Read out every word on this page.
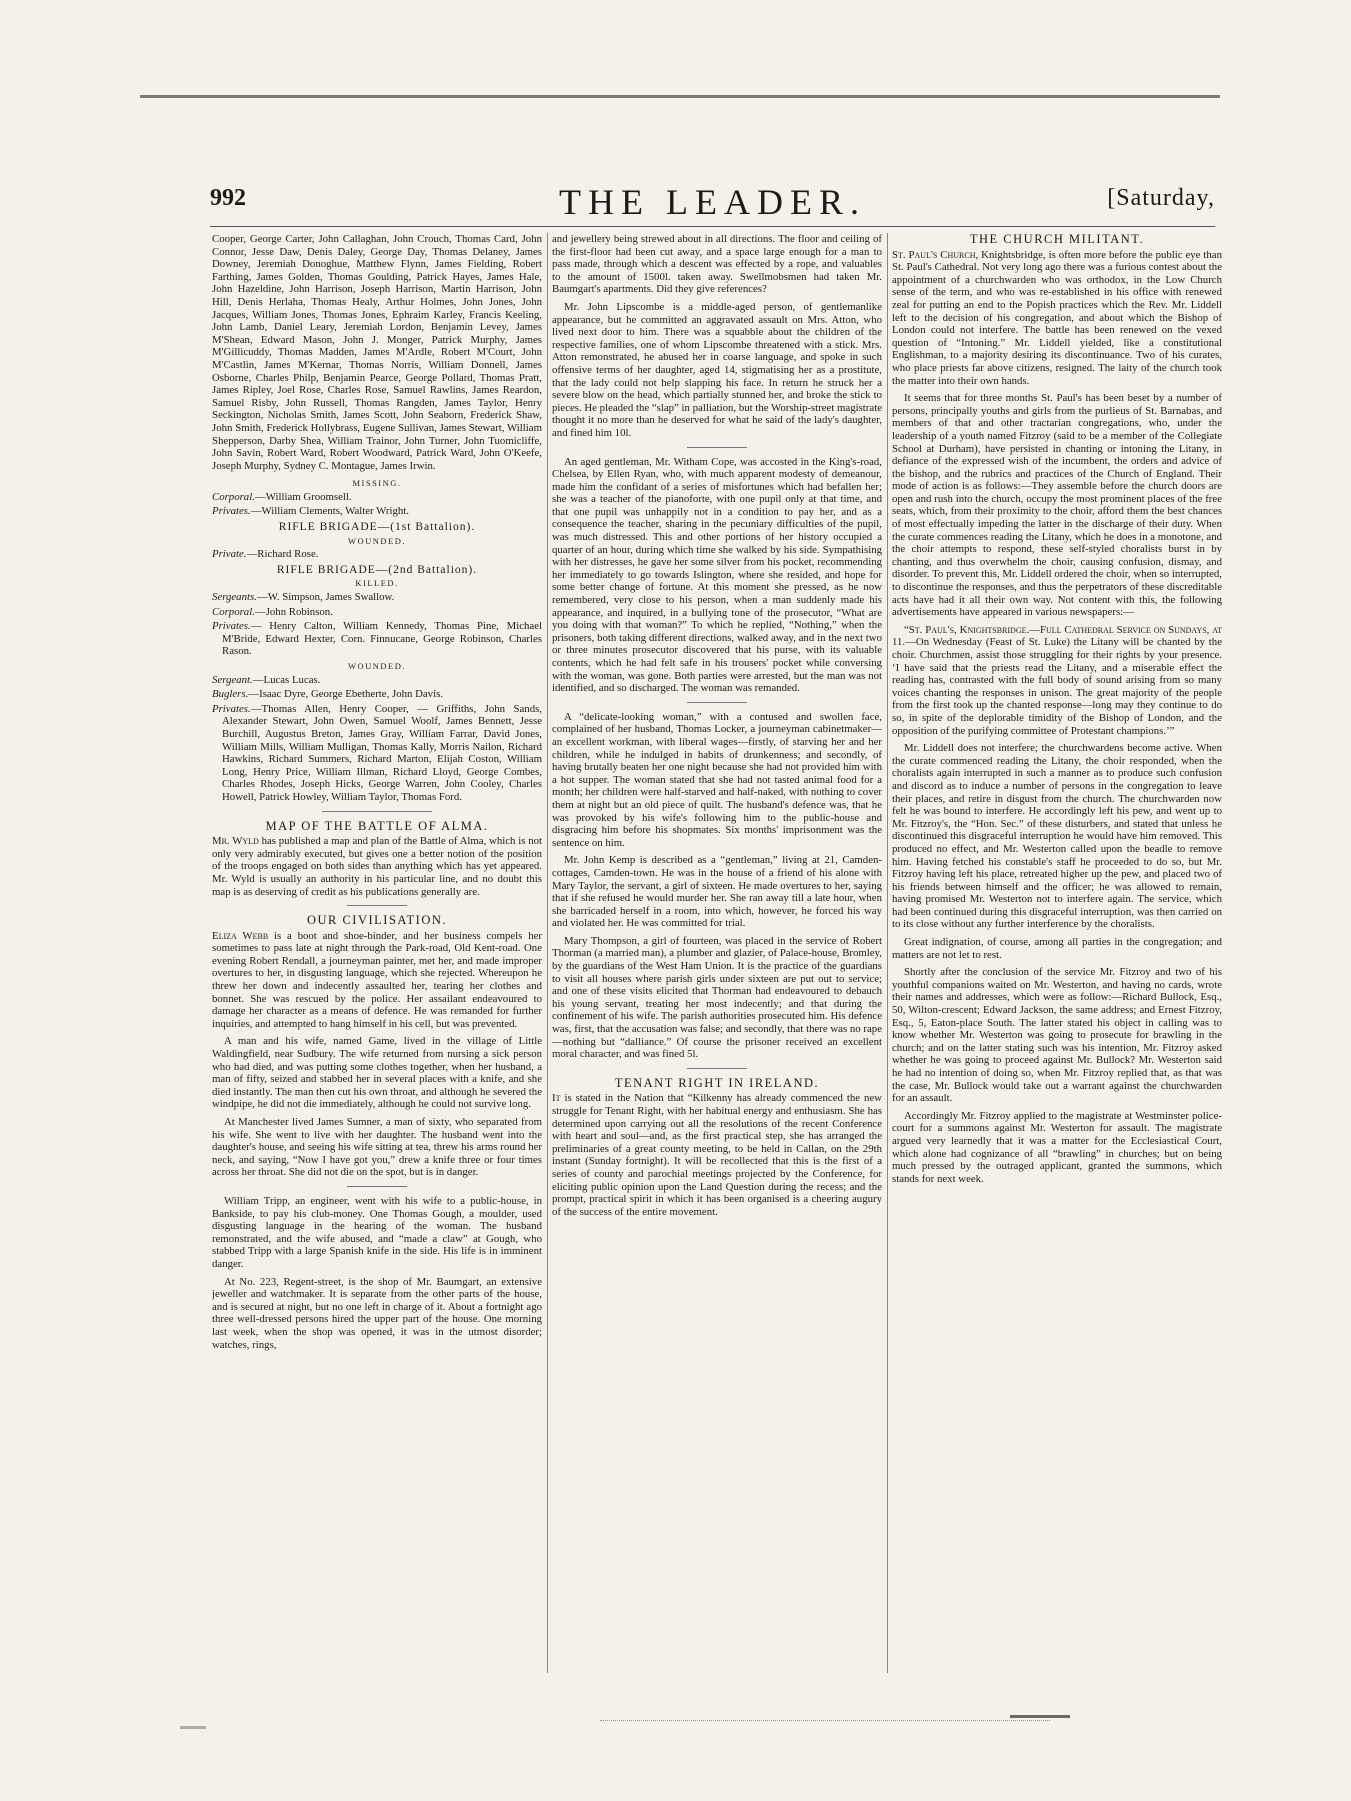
992	THE LEADER.	[Saturday,

Cooper, George Carter, John Callaghan, John Crouch, Thomas Card, John Connor, Jesse Daw, Denis Daley, George Day, Thomas Delaney, James Downey, Jeremiah Donoghue, Matthew Flynn, James Fielding, Robert Farthing, James Golden, Thomas Goulding, Patrick Hayes, James Hale, John Hazeldine, John Harrison, Joseph Harrison, Martin Harrison, John Hill, Denis Herlaha, Thomas Healy, Arthur Holmes, John Jones, John Jacques, William Jones, Thomas Jones, Ephraim Karley, Francis Keeling, John Lamb, Daniel Leary, Jeremiah Lordon, Benjamin Levey, James M'Shean, Edward Mason, John J. Monger, Patrick Murphy, James M'Gillicuddy, Thomas Madden, James M'Ardle, Robert M'Court, John M'Castlin, James M'Kernar, Thomas Norris, William Donnell, James Osborne, Charles Philp, Benjamin Pearce, George Pollard, Thomas Pratt, James Ripley, Joel Rose, Charles Rose, Samuel Rawlins, James Reardon, Samuel Risby, John Russell, Thomas Rangden, James Taylor, Henry Seckington, Nicholas Smith, James Scott, John Seaborn, Frederick Shaw, John Smith, Frederick Hollybrass, Eugene Sullivan, James Stewart, William Shepperson, Darby Shea, William Trainor, John Turner, John Tuomicliffe, John Savin, Robert Ward, Robert Woodward, Patrick Ward, John O'Keefe, Joseph Murphy, Sydney C. Montague, James Irwin.

MISSING.
Corporal.—William Groomsell.
Privates.—William Clements, Walter Wright.
RIFLE BRIGADE—(1st Battalion).
WOUNDED.
Private.—Richard Rose.
RIFLE BRIGADE—(2nd Battalion).
KILLED.
Sergeants.—W. Simpson, James Swallow.
Corporal.—John Robinson.
Privates.— Henry Calton, William Kennedy, Thomas Pine, Michael M'Bride, Edward Hexter, Corn. Finnucane, George Robinson, Charles Rason.
WOUNDED.
Sergeant.—Lucas Lucas.
Buglers.—Isaac Dyre, George Ebetherte, John Davis.
Privates.—Thomas Allen, Henry Cooper, — Griffiths, John Sands, Alexander Stewart, John Owen, Samuel Woolf, James Bennett, Jesse Burchill, Augustus Breton, James Gray, William Farrar, David Jones, William Mills, William Mulligan, Thomas Kally, Morris Nailon, Richard Hawkins, Richard Summers, Richard Marton, Elijah Coston, William Long, Henry Price, William Illman, Richard Lloyd, George Combes, Charles Rhodes, Joseph Hicks, George Warren, John Cooley, Charles Howell, Patrick Howley, William Taylor, Thomas Ford.
MAP OF THE BATTLE OF ALMA.

Mr. Wyld has published a map and plan of the Battle of Alma, which is not only very admirably executed, but gives one a better notion of the position of the troops engaged on both sides than anything which has yet appeared. Mr. Wyld is usually an authority in his particular line, and no doubt this map is as deserving of credit as his publications generally are.

OUR CIVILISATION.

Eliza Webb is a boot and shoe-binder, and her business compels her sometimes to pass late at night through the Park-road, Old Kent-road. One evening Robert Rendall, a journeyman painter, met her, and made improper overtures to her, in disgusting language, which she rejected. Whereupon he threw her down and indecently assaulted her, tearing her clothes and bonnet. She was rescued by the police. Her assailant endeavoured to damage her character as a means of defence. He was remanded for further inquiries, and attempted to hang himself in his cell, but was prevented.

A man and his wife, named Game, lived in the village of Little Waldingfield, near Sudbury. The wife returned from nursing a sick person who had died, and was putting some clothes together, when her husband, a man of fifty, seized and stabbed her in several places with a knife, and she died instantly. The man then cut his own throat, and although he severed the windpipe, he did not die immediately, although he could not survive long.

At Manchester lived James Sumner, a man of sixty, who separated from his wife. She went to live with her daughter. The husband went into the daughter's house, and seeing his wife sitting at tea, threw his arms round her neck, and saying, “Now I have got you,” drew a knife three or four times across her throat. She did not die on the spot, but is in danger.

William Tripp, an engineer, went with his wife to a public-house, in Bankside, to pay his club-money. One Thomas Gough, a moulder, used disgusting language in the hearing of the woman. The husband remonstrated, and the wife abused, and “made a claw” at Gough, who stabbed Tripp with a large Spanish knife in the side. His life is in imminent danger.

At No. 223, Regent-street, is the shop of Mr. Baumgart, an extensive jeweller and watchmaker. It is separate from the other parts of the house, and is secured at night, but no one left in charge of it. About a fortnight ago three well-dressed persons hired the upper part of the house. One morning last week, when the shop was opened, it was in the utmost disorder; watches, rings,

and jewellery being strewed about in all directions. The floor and ceiling of the first-floor had been cut away, and a space large enough for a man to pass made, through which a descent was effected by a rope, and valuables to the amount of 1500l. taken away. Swellmobsmen had taken Mr. Baumgart's apartments. Did they give references?

Mr. John Lipscombe is a middle-aged person, of gentlemanlike appearance, but he committed an aggravated assault on Mrs. Atton, who lived next door to him. There was a squabble about the children of the respective families, one of whom Lipscombe threatened with a stick. Mrs. Atton remonstrated, he abused her in coarse language, and spoke in such offensive terms of her daughter, aged 14, stigmatising her as a prostitute, that the lady could not help slapping his face. In return he struck her a severe blow on the head, which partially stunned her, and broke the stick to pieces. He pleaded the “slap” in palliation, but the Worship-street magistrate thought it no more than he deserved for what he said of the lady's daughter, and fined him 10l.

An aged gentleman, Mr. Witham Cope, was accosted in the King's-road, Chelsea, by Ellen Ryan, who, with much apparent modesty of demeanour, made him the confidant of a series of misfortunes which had befallen her; she was a teacher of the pianoforte, with one pupil only at that time, and that one pupil was unhappily not in a condition to pay her, and as a consequence the teacher, sharing in the pecuniary difficulties of the pupil, was much distressed. This and other portions of her history occupied a quarter of an hour, during which time she walked by his side. Sympathising with her distresses, he gave her some silver from his pocket, recommending her immediately to go towards Islington, where she resided, and hope for some better change of fortune. At this moment she pressed, as he now remembered, very close to his person, when a man suddenly made his appearance, and inquired, in a bullying tone of the prosecutor, “What are you doing with that woman?” To which he replied, “Nothing,” when the prisoners, both taking different directions, walked away, and in the next two or three minutes prosecutor discovered that his purse, with its valuable contents, which he had felt safe in his trousers' pocket while conversing with the woman, was gone. Both parties were arrested, but the man was not identified, and so discharged. The woman was remanded.

A “delicate-looking woman,” with a contused and swollen face, complained of her husband, Thomas Locker, a journeyman cabinetmaker—an excellent workman, with liberal wages—firstly, of starving her and her children, while he indulged in habits of drunkenness; and secondly, of having brutally beaten her one night because she had not provided him with a hot supper. The woman stated that she had not tasted animal food for a month; her children were half-starved and half-naked, with nothing to cover them at night but an old piece of quilt. The husband's defence was, that he was provoked by his wife's following him to the public-house and disgracing him before his shopmates. Six months' imprisonment was the sentence on him.

Mr. John Kemp is described as a “gentleman,” living at 21, Camden-cottages, Camden-town. He was in the house of a friend of his alone with Mary Taylor, the servant, a girl of sixteen. He made overtures to her, saying that if she refused he would murder her. She ran away till a late hour, when she barricaded herself in a room, into which, however, he forced his way and violated her. He was committed for trial.

Mary Thompson, a girl of fourteen, was placed in the service of Robert Thorman (a married man), a plumber and glazier, of Palace-house, Bromley, by the guardians of the West Ham Union. It is the practice of the guardians to visit all houses where parish girls under sixteen are put out to service; and one of these visits elicited that Thorman had endeavoured to debauch his young servant, treating her most indecently; and that during the confinement of his wife. The parish authorities prosecuted him. His defence was, first, that the accusation was false; and secondly, that there was no rape—nothing but “dalliance.” Of course the prisoner received an excellent moral character, and was fined 5l.

TENANT RIGHT IN IRELAND.

It is stated in the Nation that “Kilkenny has already commenced the new struggle for Tenant Right, with her habitual energy and enthusiasm. She has determined upon carrying out all the resolutions of the recent Conference with heart and soul—and, as the first practical step, she has arranged the preliminaries of a great county meeting, to be held in Callan, on the 29th instant (Sunday fortnight). It will be recollected that this is the first of a series of county and parochial meetings projected by the Conference, for eliciting public opinion upon the Land Question during the recess; and the prompt, practical spirit in which it has been organised is a cheering augury of the success of the entire movement.

THE CHURCH MILITANT.

St. Paul's Church, Knightsbridge, is often more before the public eye than St. Paul's Cathedral. Not very long ago there was a furious contest about the appointment of a churchwarden who was orthodox, in the Low Church sense of the term, and who was re-established in his office with renewed zeal for putting an end to the Popish practices which the Rev. Mr. Liddell left to the decision of his congregation, and about which the Bishop of London could not interfere. The battle has been renewed on the vexed question of “Intoning.” Mr. Liddell yielded, like a constitutional Englishman, to a majority desiring its discontinuance. Two of his curates, who place priests far above citizens, resigned. The laity of the church took the matter into their own hands.

It seems that for three months St. Paul's has been beset by a number of persons, principally youths and girls from the purlieus of St. Barnabas, and members of that and other tractarian congregations, who, under the leadership of a youth named Fitzroy (said to be a member of the Collegiate School at Durham), have persisted in chanting or intoning the Litany, in defiance of the expressed wish of the incumbent, the orders and advice of the bishop, and the rubrics and practices of the Church of England. Their mode of action is as follows:—They assemble before the church doors are open and rush into the church, occupy the most prominent places of the free seats, which, from their proximity to the choir, afford them the best chances of most effectually impeding the latter in the discharge of their duty. When the curate commences reading the Litany, which he does in a monotone, and the choir attempts to respond, these self-styled choralists burst in by chanting, and thus overwhelm the choir, causing confusion, dismay, and disorder. To prevent this, Mr. Liddell ordered the choir, when so interrupted, to discontinue the responses, and thus the perpetrators of these discreditable acts have had it all their own way. Not content with this, the following advertisements have appeared in various newspapers:—

“St. Paul's, Knightsbridge.—Full Cathedral Service on Sundays, at 11.—On Wednesday (Feast of St. Luke) the Litany will be chanted by the choir. Churchmen, assist those struggling for their rights by your presence. ‘I have said that the priests read the Litany, and a miserable effect the reading has, contrasted with the full body of sound arising from so many voices chanting the responses in unison. The great majority of the people from the first took up the chanted response—long may they continue to do so, in spite of the deplorable timidity of the Bishop of London, and the opposition of the purifying committee of Protestant champions.’”

Mr. Liddell does not interfere; the churchwardens become active. When the curate commenced reading the Litany, the choir responded, when the choralists again interrupted in such a manner as to produce such confusion and discord as to induce a number of persons in the congregation to leave their places, and retire in disgust from the church. The churchwarden now felt he was bound to interfere. He accordingly left his pew, and went up to Mr. Fitzroy's, the “Hon. Sec.” of these disturbers, and stated that unless he discontinued this disgraceful interruption he would have him removed. This produced no effect, and Mr. Westerton called upon the beadle to remove him. Having fetched his constable's staff he proceeded to do so, but Mr. Fitzroy having left his place, retreated higher up the pew, and placed two of his friends between himself and the officer; he was allowed to remain, having promised Mr. Westerton not to interfere again. The service, which had been continued during this disgraceful interruption, was then carried on to its close without any further interference by the choralists.

Great indignation, of course, among all parties in the congregation; and matters are not let to rest.

Shortly after the conclusion of the service Mr. Fitzroy and two of his youthful companions waited on Mr. Westerton, and having no cards, wrote their names and addresses, which were as follow:—Richard Bullock, Esq., 50, Wilton-crescent; Edward Jackson, the same address; and Ernest Fitzroy, Esq., 5, Eaton-place South. The latter stated his object in calling was to know whether Mr. Westerton was going to prosecute for brawling in the church; and on the latter stating such was his intention, Mr. Fitzroy asked whether he was going to proceed against Mr. Bullock? Mr. Westerton said he had no intention of doing so, when Mr. Fitzroy replied that, as that was the case, Mr. Bullock would take out a warrant against the churchwarden for an assault.

Accordingly Mr. Fitzroy applied to the magistrate at Westminster police-court for a summons against Mr. Westerton for assault. The magistrate argued very learnedly that it was a matter for the Ecclesiastical Court, which alone had cognizance of all “brawling” in churches; but on being much pressed by the outraged applicant, granted the summons, which stands for next week.
